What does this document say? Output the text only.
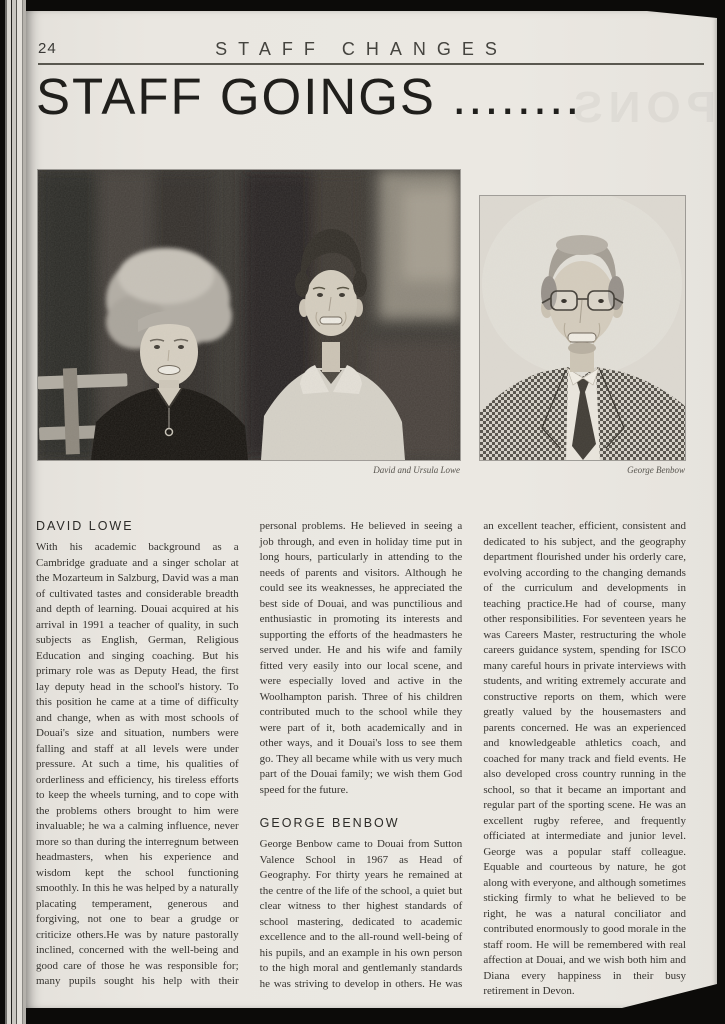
24	STAFF CHANGES
STAFF GOINGS ........
PONS
David and Ursula Lowe	George Benbow
DAVID LOWE

With his academic background as a Cambridge graduate and a singer scholar at the Mozarteum in Salzburg, David was a man of cultivated tastes and considerable breadth and depth of learning. Douai acquired at his arrival in 1991 a teacher of quality, in such subjects as English, German, Religious Education and singing coaching. But his primary role was as Deputy Head, the first lay deputy head in the school's history. To this position he came at a time of difficulty and change, when as with most schools of Douai's size and situation, numbers were falling and staff at all levels were under pressure. At such a time, his qualities of orderliness and efficiency, his tireless efforts to keep the wheels turning, and to cope with the problems others brought to him were invaluable; he wa a calming influence, never more so than during the interregnum between headmasters, when his experience and wisdom kept the school functioning smoothly. In this he was helped by a naturally placating temperament, generous and forgiving, not one to bear a grudge or criticize others.He was by nature pastorally inclined, concerned with the well-being and good care of those he was responsible for; many pupils sought his help with their personal problems. He believed in seeing a job through, and even in holiday time put in long hours, particularly in attending to the needs of parents and visitors. Although he could see its weaknesses, he appreciated the best side of Douai, and was punctilious and enthusiastic in promoting its interests and supporting the efforts of the headmasters he served under. He and his wife and family fitted very easily into our local scene, and were especially loved and active in the Woolhampton parish. Three of his children contributed much to the school while they were part of it, both academically and in other ways, and it Douai's loss to see them go. They all became while with us very much part of the Douai family; we wish them God speed for the future.

GEORGE BENBOW

George Benbow came to Douai from Sutton Valence School in 1967 as Head of Geography. For thirty years he remained at the centre of the life of the school, a quiet but clear witness to ther highest standards of school mastering, dedicated to academic excellence and to the all-round well-being of his pupils, and an example in his own person to the high moral and gentlemanly standards he was striving to develop in others. He was an excellent teacher, efficient, consistent and dedicated to his subject, and the geography department flourished under his orderly care, evolving according to the changing demands of the curriculum and developments in teaching practice.He had of course, many other responsibilities. For seventeen years he was Careers Master, restructuring the whole careers guidance system, spending for ISCO many careful hours in private interviews with students, and writing extremely accurate and constructive reports on them, which were greatly valued by the housemasters and parents concerned. He was an experienced and knowledgeable athletics coach, and coached for many track and field events. He also developed cross country running in the school, so that it became an important and regular part of the sporting scene. He was an excellent rugby referee, and frequently officiated at intermediate and junior level. George was a popular staff colleague. Equable and courteous by nature, he got along with everyone, and although sometimes sticking firmly to what he believed to be right, he was a natural conciliator and contributed enormously to good morale in the staff room. He will be remembered with real affection at Douai, and we wish both him and Diana every happiness in their busy retirement in Devon.
